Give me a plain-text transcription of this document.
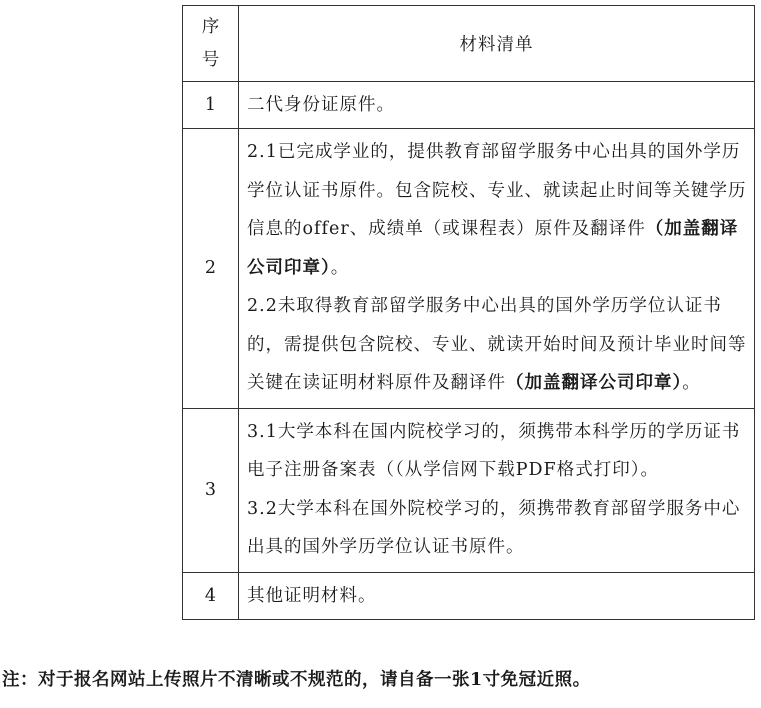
序
号	材料清单
1	二代身份证原件。
2	2.1已完成学业的，提供教育部留学服务中心出具的国外学历学位认证书原件。包含院校、专业、就读起止时间等关键学历信息的offer、成绩单（或课程表）原件及翻译件（加盖翻译公司印章）。

2.2未取得教育部留学服务中心出具的国外学历学位认证书的，需提供包含院校、专业、就读开始时间及预计毕业时间等关键在读证明材料原件及翻译件（加盖翻译公司印章）。

3	3.1大学本科在国内院校学习的，须携带本科学历的学历证书电子注册备案表（（从学信网下载PDF格式打印）。

3.2大学本科在国外院校学习的，须携带教育部留学服务中心出具的国外学历学位认证书原件。

4	其他证明材料。
注：对于报名网站上传照片不清晰或不规范的，请自备一张1寸免冠近照。
